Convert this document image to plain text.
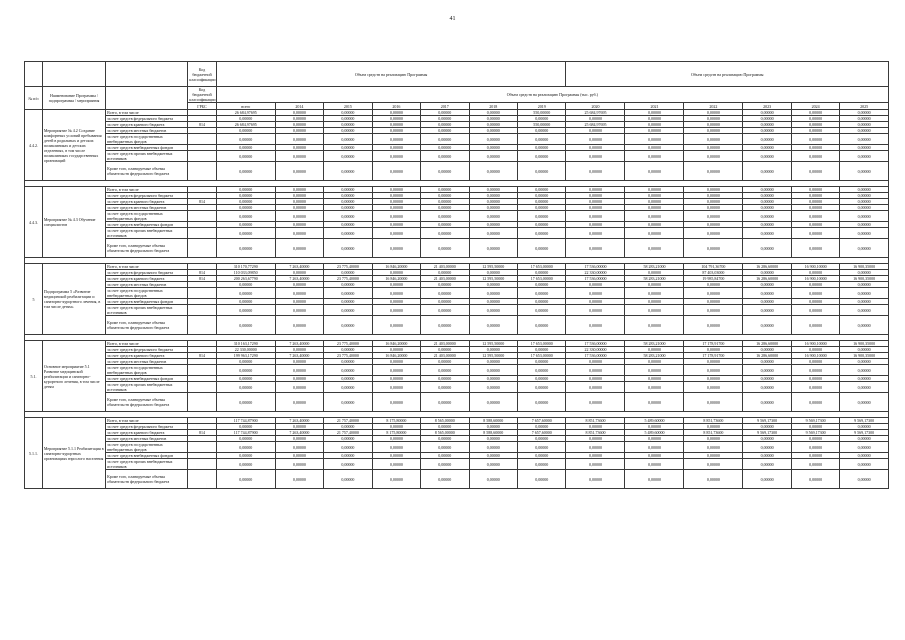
41
			Код бюджетной классификации	Объем средств на реализацию Программы							Объем средств на реализацию Программы					
№ п/п	Наименование Программы / подпрограммы / мероприятия		Код бюджетной классификации	Объем средств на реализацию Программы (тыс. руб.)												
			ГРБС	всего	2014	2015	2016	2017	2018	2019	2020	2021	2022	2023	2024	2025
4.4.2.	Мероприятие № 4.2 Создание комфортных условий пребывания детей в родильных и детских поликлиниках и детских отделениях, в том числе поликлиниках государственных организаций	Всего, в том числе		26 684,97695	0,00000	0,00000	0,00000	0,00000	0,00000	550,00000	25 684,97695	0,00000	0,00000	0,00000	0,00000	0,00000
		за счет средств федерального бюджета		0,00000	0,00000	0,00000	0,00000	0,00000	0,00000	0,00000	0,00000	0,00000	0,00000	0,00000	0,00000	0,00000
		за счет средств краевого бюджета	814	26 684,97695	0,00000	0,00000	0,00000	0,00000	0,00000	550,00000	25 684,97695	0,00000	0,00000	0,00000	0,00000	0,00000
		за счет средств местных бюджетов		0,00000	0,00000	0,00000	0,00000	0,00000	0,00000	0,00000	0,00000	0,00000	0,00000	0,00000	0,00000	0,00000
		за счет средств государственных внебюджетных фондов		0,00000	0,00000	0,00000	0,00000	0,00000	0,00000	0,00000	0,00000	0,00000	0,00000	0,00000	0,00000	0,00000
		за счет средств внебюджетных фондов		0,00000	0,00000	0,00000	0,00000	0,00000	0,00000	0,00000	0,00000	0,00000	0,00000	0,00000	0,00000	0,00000
		за счет средств прочих внебюджетных источников		0,00000	0,00000	0,00000	0,00000	0,00000	0,00000	0,00000	0,00000	0,00000	0,00000	0,00000	0,00000	0,00000
		Кроме того, планируемые объемы обязательств федерального бюджета		0,00000	0,00000	0,00000	0,00000	0,00000	0,00000	0,00000	0,00000	0,00000	0,00000	0,00000	0,00000	0,00000

4.4.3.	Мероприятие № 4.3 Обучение специалистов	Всего, в том числе		0,00000	0,00000	0,00000	0,00000	0,00000	0,00000	0,00000	0,00000	0,00000	0,00000	0,00000	0,00000	0,00000
		за счет средств федерального бюджета		0,00000	0,00000	0,00000	0,00000	0,00000	0,00000	0,00000	0,00000	0,00000	0,00000	0,00000	0,00000	0,00000
		за счет средств краевого бюджета	814	0,00000	0,00000	0,00000	0,00000	0,00000	0,00000	0,00000	0,00000	0,00000	0,00000	0,00000	0,00000	0,00000
		за счет средств местных бюджетов		0,00000	0,00000	0,00000	0,00000	0,00000	0,00000	0,00000	0,00000	0,00000	0,00000	0,00000	0,00000	0,00000
		за счет средств государственных внебюджетных фондов		0,00000	0,00000	0,00000	0,00000	0,00000	0,00000	0,00000	0,00000	0,00000	0,00000	0,00000	0,00000	0,00000
		за счет средств внебюджетных фондов		0,00000	0,00000	0,00000	0,00000	0,00000	0,00000	0,00000	0,00000	0,00000	0,00000	0,00000	0,00000	0,00000
		за счет средств прочих внебюджетных источников		0,00000	0,00000	0,00000	0,00000	0,00000	0,00000	0,00000	0,00000	0,00000	0,00000	0,00000	0,00000	0,00000
		Кроме того, планируемые объемы обязательств федерального бюджета		0,00000	0,00000	0,00000	0,00000	0,00000	0,00000	0,00000	0,00000	0,00000	0,00000	0,00000	0,00000	0,00000

5	Подпрограмма 5 «Развитие медицинской реабилитации и санаторно-курортного лечения, в том числе детям»	Всего, в том числе		310 170,77290	7 263,40000	23 775,40000	16 846,20000	21 403,00000	12 595,50000	17 653,00000	17 536,00000	58 283,21000	104 791,36700	16 286,60000	16 900,10000	16 900,35000
		за счет средств федерального бюджета	814	110 033,09850	0,00000	0,00000	0,00000	0,00000	0,00000	0,00000	22 330,00000	0,00000	87 403,03000	0,00000	0,00000	0,00000
		за счет средств краевого бюджета	814	200 263,67790	7 263,40000	23 775,40000	16 846,20000	21 403,00000	12 595,50000	17 653,00000	17 536,00000	58 283,21000	19 985,84700	16 286,60000	16 900,10000	16 900,35000
		за счет средств местных бюджетов		0,00000	0,00000	0,00000	0,00000	0,00000	0,00000	0,00000	0,00000	0,00000	0,00000	0,00000	0,00000	0,00000
		за счет средств государственных внебюджетных фондов		0,00000	0,00000	0,00000	0,00000	0,00000	0,00000	0,00000	0,00000	0,00000	0,00000	0,00000	0,00000	0,00000
		за счет средств внебюджетных фондов		0,00000	0,00000	0,00000	0,00000	0,00000	0,00000	0,00000	0,00000	0,00000	0,00000	0,00000	0,00000	0,00000
		за счет средств прочих внебюджетных источников		0,00000	0,00000	0,00000	0,00000	0,00000	0,00000	0,00000	0,00000	0,00000	0,00000	0,00000	0,00000	0,00000
		Кроме того, планируемые объемы обязательств федерального бюджета		0,00000	0,00000	0,00000	0,00000	0,00000	0,00000	0,00000	0,00000	0,00000	0,00000	0,00000	0,00000	0,00000

5.1.	Основное мероприятие 5.1 Развитие медицинской реабилитации и санаторно-курортного лечения, в том числе детям	Всего, в том числе		310 163,17290	7 263,40000	23 775,40000	16 846,20000	21 403,00000	12 595,50000	17 653,00000	17 536,00000	58 283,21000	17 178,91700	16 286,60000	16 900,10000	16 900,35000
		за счет средств федерального бюджета		22 330,00000	0,00000	0,00000	0,00000	0,00000	0,00000	0,00000	22 330,00000	0,00000	0,00000	0,00000	0,00000	0,00000
		за счет средств краевого бюджета	814	199 963,17290	7 263,40000	23 775,40000	16 846,20000	21 403,00000	12 595,50000	17 653,00000	17 536,00000	58 283,21000	17 178,91700	16 286,60000	16 900,10000	16 900,35000
		за счет средств местных бюджетов		0,00000	0,00000	0,00000	0,00000	0,00000	0,00000	0,00000	0,00000	0,00000	0,00000	0,00000	0,00000	0,00000
		за счет средств государственных внебюджетных фондов		0,00000	0,00000	0,00000	0,00000	0,00000	0,00000	0,00000	0,00000	0,00000	0,00000	0,00000	0,00000	0,00000
		за счет средств внебюджетных фондов		0,00000	0,00000	0,00000	0,00000	0,00000	0,00000	0,00000	0,00000	0,00000	0,00000	0,00000	0,00000	0,00000
		за счет средств прочих внебюджетных источников		0,00000	0,00000	0,00000	0,00000	0,00000	0,00000	0,00000	0,00000	0,00000	0,00000	0,00000	0,00000	0,00000
		Кроме того, планируемые объемы обязательств федерального бюджета		0,00000	0,00000	0,00000	0,00000	0,00000	0,00000	0,00000	0,00000	0,00000	0,00000	0,00000	0,00000	0,00000

5.1.1.	Мероприятие 5.1.1 Реабилитация в санаторно-курортных организациях взрослого населения	Всего, в том числе		117 744,87900	7 263,40000	21 757,40000	8 175,80000	8 565,00000	8 588,60000	7 657,60000	8 851,73600	5 489,60000	8 851,73600	9 569,17300	9 569,17300	9 569,17300
		за счет средств федерального бюджета		0,00000	0,00000	0,00000	0,00000	0,00000	0,00000	0,00000	0,00000	0,00000	0,00000	0,00000	0,00000	0,00000
		за счет средств краевого бюджета	814	117 744,87900	7 263,40000	21 757,40000	8 175,80000	8 565,00000	8 588,60000	7 657,60000	8 851,73600	5 489,60000	8 851,73600	9 569,17300	9 569,17300	9 569,17300
		за счет средств местных бюджетов		0,00000	0,00000	0,00000	0,00000	0,00000	0,00000	0,00000	0,00000	0,00000	0,00000	0,00000	0,00000	0,00000
		за счет средств государственных внебюджетных фондов		0,00000	0,00000	0,00000	0,00000	0,00000	0,00000	0,00000	0,00000	0,00000	0,00000	0,00000	0,00000	0,00000
		за счет средств внебюджетных фондов		0,00000	0,00000	0,00000	0,00000	0,00000	0,00000	0,00000	0,00000	0,00000	0,00000	0,00000	0,00000	0,00000
		за счет средств прочих внебюджетных источников		0,00000	0,00000	0,00000	0,00000	0,00000	0,00000	0,00000	0,00000	0,00000	0,00000	0,00000	0,00000	0,00000
		Кроме того, планируемые объемы обязательств федерального бюджета		0,00000	0,00000	0,00000	0,00000	0,00000	0,00000	0,00000	0,00000	0,00000	0,00000	0,00000	0,00000	0,00000
